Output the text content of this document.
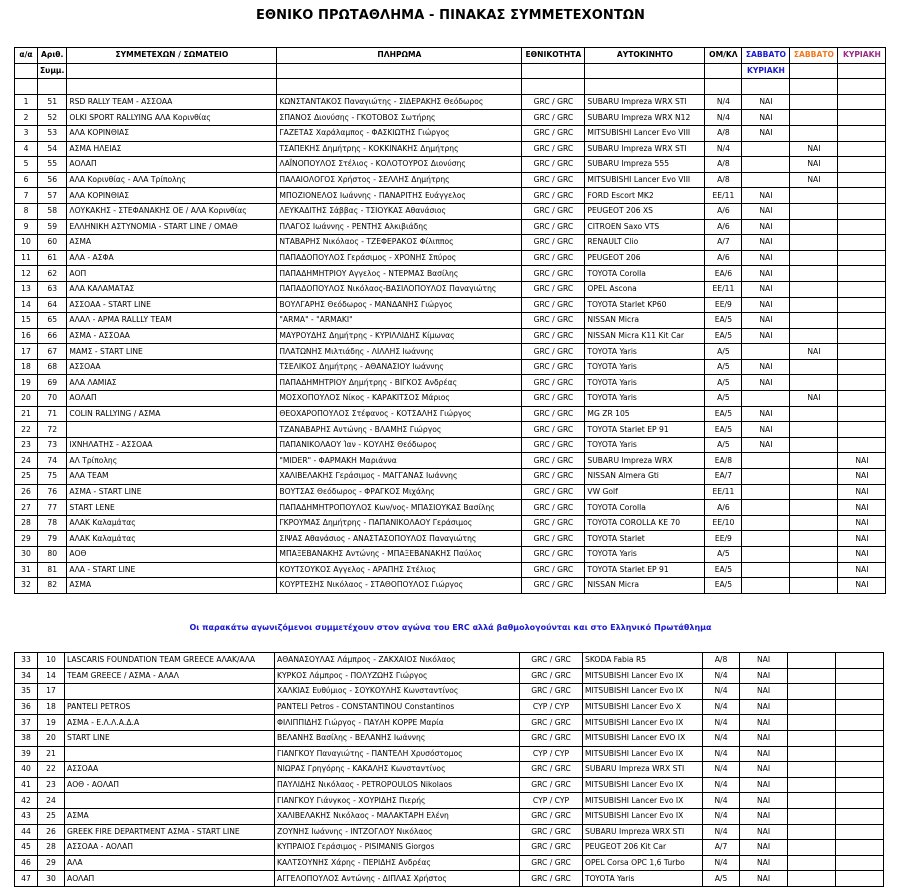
ΕΘΝΙΚΟ ΠΡΩΤΑΘΛΗΜΑ - ΠΙΝΑΚΑΣ ΣΥΜΜΕΤΕΧΟΝΤΩΝ
α/α	Αριθ.	ΣΥΜΜΕΤΕΧΩΝ / ΣΩΜΑΤΕΙΟ	ΠΛΗΡΩΜΑ	ΕΘΝΙΚΟΤΗΤΑ	ΑΥΤΟΚΙΝΗΤΟ	ΟΜ/ΚΛ	ΣΑΒΒΑΤΟ	ΣΑΒΒΑΤΟ	ΚΥΡΙΑΚΗ
	Συμμ.						ΚΥΡΙΑΚΗ		

1	51	RSD RALLY TEAM - ΑΣΣΟΑΑ	ΚΩΝΣΤΑΝΤΑΚΟΣ Παναγιώτης - ΣΙΔΕΡΑΚΗΣ Θεόδωρος	GRC / GRC	SUBARU Impreza WRX STI	N/4	ΝΑΙ		
2	52	OLKI SPORT RALLYING ΑΛΑ Κορινθίας	ΣΠΑΝΟΣ Διονύσης - ΓΚΟΤΟΒΟΣ Σωτήρης	GRC / GRC	SUBARU Impreza WRX N12	N/4	ΝΑΙ		
3	53	ΑΛΑ ΚΟΡΙΝΘΙΑΣ	ΓΑΖΕΤΑΣ Χαράλαμπος - ΦΑΣΚΙΩΤΗΣ Γιώργος	GRC / GRC	MITSUBISHI Lancer Evo VIII	A/8	ΝΑΙ		
4	54	ΑΣΜΑ ΗΛΕΙΑΣ	ΤΣΑΠΕΚΗΣ Δημήτρης - ΚΟΚΚΙΝΑΚΗΣ Δημήτρης	GRC / GRC	SUBARU Impreza WRX STI	N/4		ΝΑΙ	
5	55	ΑΟΛΑΠ	ΛΑΪΝΟΠΟΥΛΟΣ Στέλιος - ΚΟΛΟΤΟΥΡΟΣ Διονύσης	GRC / GRC	SUBARU Impreza 555	A/8		ΝΑΙ	
6	56	ΑΛΑ Κορινθίας - ΑΛΑ Τρίπολης	ΠΑΛΑΙΟΛΟΓΟΣ Χρήστος - ΣΕΛΛΗΣ Δημήτρης	GRC / GRC	MITSUBISHI Lancer Evo VIII	A/8		ΝΑΙ	
7	57	ΑΛΑ ΚΟΡΙΝΘΙΑΣ	ΜΠΟΖΙΟΝΕΛΟΣ Ιωάννης - ΠΑΝΑΡΙΤΗΣ Ευάγγελος	GRC / GRC	FORD Escort MK2	EE/11	ΝΑΙ		
8	58	ΛΟΥΚΑΚΗΣ - ΣΤΕΦΑΝΑΚΗΣ ΟΕ / ΑΛΑ Κορινθίας	ΛΕΥΚΑΔΙΤΗΣ Σάββας - ΤΣΙΟΥΚΑΣ Αθανάσιος	GRC / GRC	PEUGEOT 206 XS	A/6	ΝΑΙ		
9	59	ΕΛΛΗΝΙΚΗ ΑΣΤΥΝΟΜΙΑ - START LINE / ΟΜΑΘ	ΠΛΑΓΟΣ Ιωάννης - ΡΕΝΤΗΣ Αλκιβιάδης	GRC / GRC	CITROEN Saxo VTS	A/6	ΝΑΙ		
10	60	ΑΣΜΑ	ΝΤΑΒΑΡΗΣ Νικόλαος - ΤΖΕΦΕΡΑΚΟΣ Φίλιππος	GRC / GRC	RENAULT Clio	A/7	ΝΑΙ		
11	61	ΑΛΑ - ΑΣΦΑ	ΠΑΠΑΔΟΠΟΥΛΟΣ Γεράσιμος - ΧΡΟΝΗΣ Σπύρος	GRC / GRC	PEUGEOT 206	A/6	ΝΑΙ		
12	62	ΑΟΠ	ΠΑΠΑΔΗΜΗΤΡΙΟΥ Αγγελος - ΝΤΕΡΜΑΣ Βασίλης	GRC / GRC	TOYOTA Corolla	EA/6	ΝΑΙ		
13	63	ΑΛΑ ΚΑΛΑΜΑΤΑΣ	ΠΑΠΑΔΟΠΟΥΛΟΣ Νικόλαος-ΒΑΣΙΛΟΠΟΥΛΟΣ Παναγιώτης	GRC / GRC	OPEL Ascona	EE/11	ΝΑΙ		
14	64	ΑΣΣΟΑΑ - START LINE	ΒΟΥΛΓΑΡΗΣ Θεόδωρος - ΜΑΝΔΑΝΗΣ Γιώργος	GRC / GRC	TOYOTA Starlet KP60	EE/9	ΝΑΙ		
15	65	ΑΛΑΛ - ΑΡΜΑ RALLLY TEAM	"ARMA" - "ARMAKI"	GRC / GRC	NISSAN Micra	EA/5	ΝΑΙ		
16	66	ΑΣΜΑ - ΑΣΣΟΑΑ	ΜΑΥΡΟΥΔΗΣ Δημήτρης - ΚΥΡΙΛΛΙΔΗΣ Κίμωνας	GRC / GRC	NISSAN Micra K11 Kit Car	EA/5	ΝΑΙ		
17	67	ΜΑΜΣ - START LINE	ΠΛΑΤΩΝΗΣ Μιλτιάδης - ΛΙΛΛΗΣ Ιωάννης	GRC / GRC	TOYOTA Yaris	A/5		ΝΑΙ	
18	68	ΑΣΣΟΑΑ	ΤΣΕΛΙΚΟΣ Δημήτρης - ΑΘΑΝΑΣΙΟΥ Ιωάννης	GRC / GRC	TOYOTA Yaris	A/5	ΝΑΙ		
19	69	ΑΛΑ ΛΑΜΙΑΣ	ΠΑΠΑΔΗΜΗΤΡΙΟΥ Δημήτρης - ΒΙΓΚΟΣ Ανδρέας	GRC / GRC	TOYOTA Yaris	A/5	ΝΑΙ		
20	70	ΑΟΛΑΠ	ΜΟΣΧΟΠΟΥΛΟΣ Νίκος - ΚΑΡΑΚΙΤΣΟΣ Μάριος	GRC / GRC	TOYOTA Yaris	A/5		ΝΑΙ	
21	71	COLIN RALLYING / ΑΣΜΑ	ΘΕΟΧΑΡΟΠΟΥΛΟΣ Στέφανος - ΚΟΤΣΑΛΗΣ Γιώργος	GRC / GRC	MG ZR 105	EA/5	ΝΑΙ		
22	72		ΤΖΑΝΑΒΑΡΗΣ Αντώνης - ΒΛΑΜΗΣ Γιώργος	GRC / GRC	TOYOTA Starlet EP 91	EA/5	ΝΑΙ		
23	73	ΙΧΝΗΛΑΤΗΣ - ΑΣΣΟΑΑ	ΠΑΠΑΝΙΚΟΛΑΟΥ Ίαν - ΚΟΥΛΗΣ Θεόδωρος	GRC / GRC	TOYOTA Yaris	A/5	ΝΑΙ		
24	74	ΑΛ Τρίπολης	"MIDER" - ΦΑΡΜΑΚΗ Μαριάννα	GRC / GRC	SUBARU Impreza WRX	EA/8			ΝΑΙ
25	75	ΑΛΑ TEAM	ΧΑΛΙΒΕΛΑΚΗΣ Γεράσιμος - ΜΑΓΓΑΝΑΣ Ιωάννης	GRC / GRC	NISSAN Almera Gti	EA/7			ΝΑΙ
26	76	ΑΣΜΑ - START LINE	ΒΟΥΤΣΑΣ Θεόδωρος - ΦΡΑΓΚΟΣ Μιχάλης	GRC / GRC	VW Golf	EE/11			ΝΑΙ
27	77	START LENE	ΠΑΠΑΔΗΜΗΤΡΟΠΟΥΛΟΣ Κων/νος- ΜΠΑΣΙΟΥΚΑΣ Βασίλης	GRC / GRC	TOYOTA Corolla	A/6			ΝΑΙ
28	78	ΑΛΑΚ Καλαμάτας	ΓΚΡΟΥΜΑΣ Δημήτρης - ΠΑΠΑΝΙΚΟΛΑΟΥ Γεράσιμος	GRC / GRC	TOYOTA COROLLA KE 70	EE/10			ΝΑΙ
29	79	ΑΛΑΚ Καλαμάτας	ΣΙΨΑΣ Αθανάσιος - ΑΝΑΣΤΑΣΟΠΟΥΛΟΣ Παναγιώτης	GRC / GRC	TOYOTA Starlet	EE/9			ΝΑΙ
30	80	ΑΟΘ	ΜΠΑΞΕΒΑΝΑΚΗΣ Αντώνης - ΜΠΑΞΕΒΑΝΑΚΗΣ Παύλος	GRC / GRC	TOYOTA Yaris	A/5			ΝΑΙ
31	81	ΑΛΑ - START LINE	ΚΟΥΤΣΟΥΚΟΣ Αγγελος - ΑΡΑΠΗΣ Στέλιος	GRC / GRC	TOYOTA Starlet EP 91	EA/5			ΝΑΙ
32	82	ΑΣΜΑ	ΚΟΥΡΤΕΣΗΣ Νικόλαος - ΣΤΑΘΟΠΟΥΛΟΣ Γιώργος	GRC / GRC	NISSAN Micra	EA/5			ΝΑΙ
Οι παρακάτω αγωνιζόμενοι συμμετέχουν στον αγώνα του ERC αλλά βαθμολογούνται και στο Ελληνικό Πρωτάθλημα
33	10	LASCARIS FOUNDATION TEAM GREECE ΑΛΑΚ/ΑΛΑ	ΑΘΑΝΑΣΟΥΛΑΣ Λάμπρος - ΖΑΚΧΑΙΟΣ Νικόλαος	GRC / GRC	SKODA Fabia R5	A/8	ΝΑΙ		
34	14	TEAM GREECE / ΑΣΜΑ - ΑΛΑΛ	ΚΥΡΚΟΣ Λάμπρος - ΠΟΛΥΖΩΗΣ Γιώργος	GRC / GRC	MITSUBISHI Lancer Evo IX	N/4	ΝΑΙ		
35	17		ΧΑΛΚΙΑΣ Ευθύμιος - ΣΟΥΚΟΥΛΗΣ Κωνσταντίνος	GRC / GRC	MITSUBISHI Lancer Evo IX	N/4	ΝΑΙ		
36	18	PANTELI PETROS	PANTELI Petros - CONSTANTINOU Constantinos	CYP / CYP	MITSUBISHI Lancer Evo X	N/4	ΝΑΙ		
37	19	ΑΣΜΑ - Ε.Λ.Λ.Α.Δ.Α	ΦΙΛΙΠΠΙΔΗΣ Γιώργος - ΠΑΥΛΗ ΚΟΡΡΕ Μαρία	GRC / GRC	MITSUBISHI Lancer Evo IX	N/4	ΝΑΙ		
38	20	START LINE	ΒΕΛΑΝΗΣ Βασίλης - ΒΕΛΑΝΗΣ Ιωάννης	GRC / GRC	MITSUBISHI Lancer EVO IX	N/4	ΝΑΙ		
39	21		ΓΙΑΝΓΚΟΥ Παναγιώτης - ΠΑΝΤΕΛΗ Χρυσόστομος	CYP / CYP	MITSUBISHI Lancer Evo IX	N/4	ΝΑΙ		
40	22	ΑΣΣΟΑΑ	ΝΙΩΡΑΣ Γρηγόρης - ΚΑΚΑΛΗΣ Κωνσταντίνος	GRC / GRC	SUBARU Impreza WRX STI	N/4	ΝΑΙ		
41	23	ΑΟΘ - ΑΟΛΑΠ	ΠΑΥΛΙΔΗΣ Νικόλαος - PETROPOULOS Nikolaos	GRC / GRC	MITSUBISHI Lancer Evo IX	N/4	ΝΑΙ		
42	24		ΓΙΑΝΓΚΟΥ Γιάνγκος - ΧΟΥΡΙΔΗΣ Πιερής	CYP / CYP	MITSUBISHI Lancer Evo IX	N/4	ΝΑΙ		
43	25	ΑΣΜΑ	ΧΑΛΙΒΕΛΑΚΗΣ Νικόλαος - ΜΑΛΑΚΤΑΡΗ Ελένη	GRC / GRC	MITSUBISHI Lancer Evo IX	N/4	ΝΑΙ		
44	26	GREEK FIRE DEPARTMENT ΑΣΜΑ - START LINE	ΖΟΥΝΗΣ Ιωάννης - ΙΝΤΖΟΓΛΟΥ Νικόλαος	GRC / GRC	SUBARU Impreza WRX STI	N/4	ΝΑΙ		
45	28	ΑΣΣΟΑΑ - ΑΟΛΑΠ	ΚΥΠΡΑΙΟΣ Γεράσιμος - PISIMANIS Giorgos	GRC / GRC	PEUGEOT 206 Kit Car	A/7	ΝΑΙ		
46	29	ΑΛΑ	ΚΑΛΤΣΟΥΝΗΣ Χάρης - ΠΕΡΙΔΗΣ Ανδρέας	GRC / GRC	OPEL Corsa OPC 1,6 Turbo	N/4	ΝΑΙ		
47	30	ΑΟΛΑΠ	ΑΓΓΕΛΟΠΟΥΛΟΣ Αντώνης - ΔΙΠΛΑΣ Χρήστος	GRC / GRC	TOYOTA Yaris	A/5	ΝΑΙ		
